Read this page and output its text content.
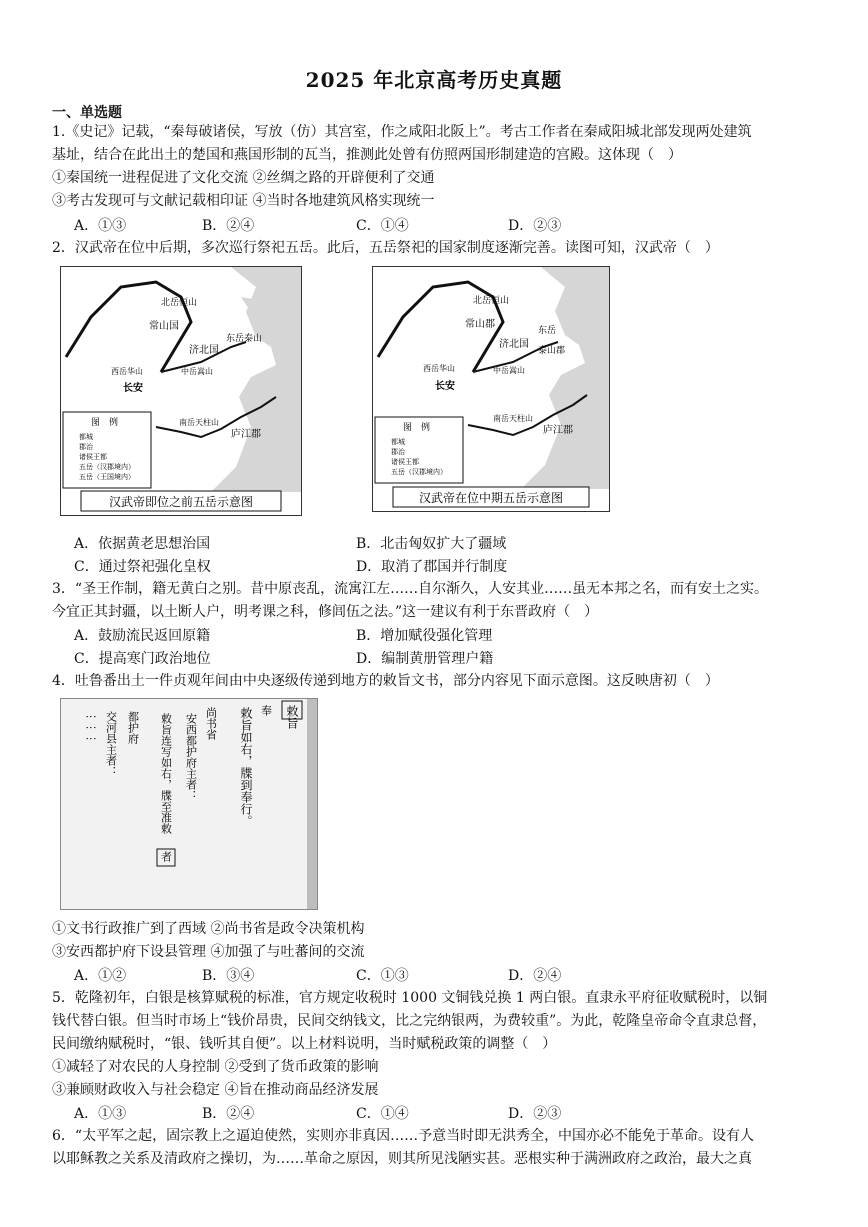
2025 年北京高考历史真题
一、单选题
1.《史记》记载，“秦每破诸侯，写放（仿）其宫室，作之咸阳北阪上”。考古工作者在秦咸阳城北部发现两处建筑
基址，结合在此出土的楚国和燕国形制的瓦当，推测此处曾有仿照两国形制建造的宫殿。这体现（　）
①秦国统一进程促进了文化交流 ②丝绸之路的开辟便利了交通
③考古发现可与文献记载相印证 ④当时各地建筑风格实现统一
A．①③	B．②④	C．①④	D．②③
2．汉武帝在位中后期，多次巡行祭祀五岳。此后，五岳祭祀的国家制度逐渐完善。读图可知，汉武帝（　）
北岳恒山
常山国
东岳泰山
济北国
西岳华山	中岳嵩山
长安
南岳天柱山
庐江郡
图　例
都城
郡治
诸侯王都
五岳（汉郡境内）
五岳（王国境内）
汉武帝即位之前五岳示意图
北岳恒山
常山郡
东岳
济北国
泰山郡
西岳华山	中岳嵩山
长安
南岳天柱山
庐江郡
图　例
都城
郡治
诸侯王都
五岳（汉郡境内）
汉武帝在位中期五岳示意图
A．依据黄老思想治国	B．北击匈奴扩大了疆域
C．通过祭祀强化皇权	D．取消了郡国并行制度
3．“圣王作制，籍无黄白之别。昔中原丧乱，流寓江左……自尔渐久，人安其业……虽无本邦之名，而有安土之实。
今宜正其封疆，以土断人户，明考课之科，修闾伍之法。”这一建议有利于东晋政府（　）
A．鼓励流民返回原籍	B．增加赋役强化管理
C．提高寒门政治地位	D．编制黄册管理户籍
4．吐鲁番出土一件贞观年间由中央逐级传递到地方的敕旨文书，部分内容见下面示意图。这反映唐初（　）
敕旨
奉
敕旨如右，牒到奉行。
尚书省
安西都护府主者：
敕旨连写如右，牒至准敕
者
都护府
交河县主者：
⋮⋮⋮
①文书行政推广到了西域 ②尚书省是政令决策机构
③安西都护府下设县管理 ④加强了与吐蕃间的交流
A．①②	B．③④	C．①③	D．②④
5．乾隆初年，白银是核算赋税的标准，官方规定收税时 1000 文铜钱兑换 1 两白银。直隶永平府征收赋税时，以铜
钱代替白银。但当时市场上“钱价昂贵，民间交纳钱文，比之完纳银两，为费较重”。为此，乾隆皇帝命令直隶总督，
民间缴纳赋税时，“银、钱听其自便”。以上材料说明，当时赋税政策的调整（　）
①减轻了对农民的人身控制 ②受到了货币政策的影响
③兼顾财政收入与社会稳定 ④旨在推动商品经济发展
A．①③	B．②④	C．①④	D．②③
6．“太平军之起，固宗教上之逼迫使然，实则亦非真因……予意当时即无洪秀全，中国亦必不能免于革命。设有人
以耶稣教之关系及清政府之操切，为……革命之原因，则其所见浅陋实甚。恶根实种于满洲政府之政治，最大之真
